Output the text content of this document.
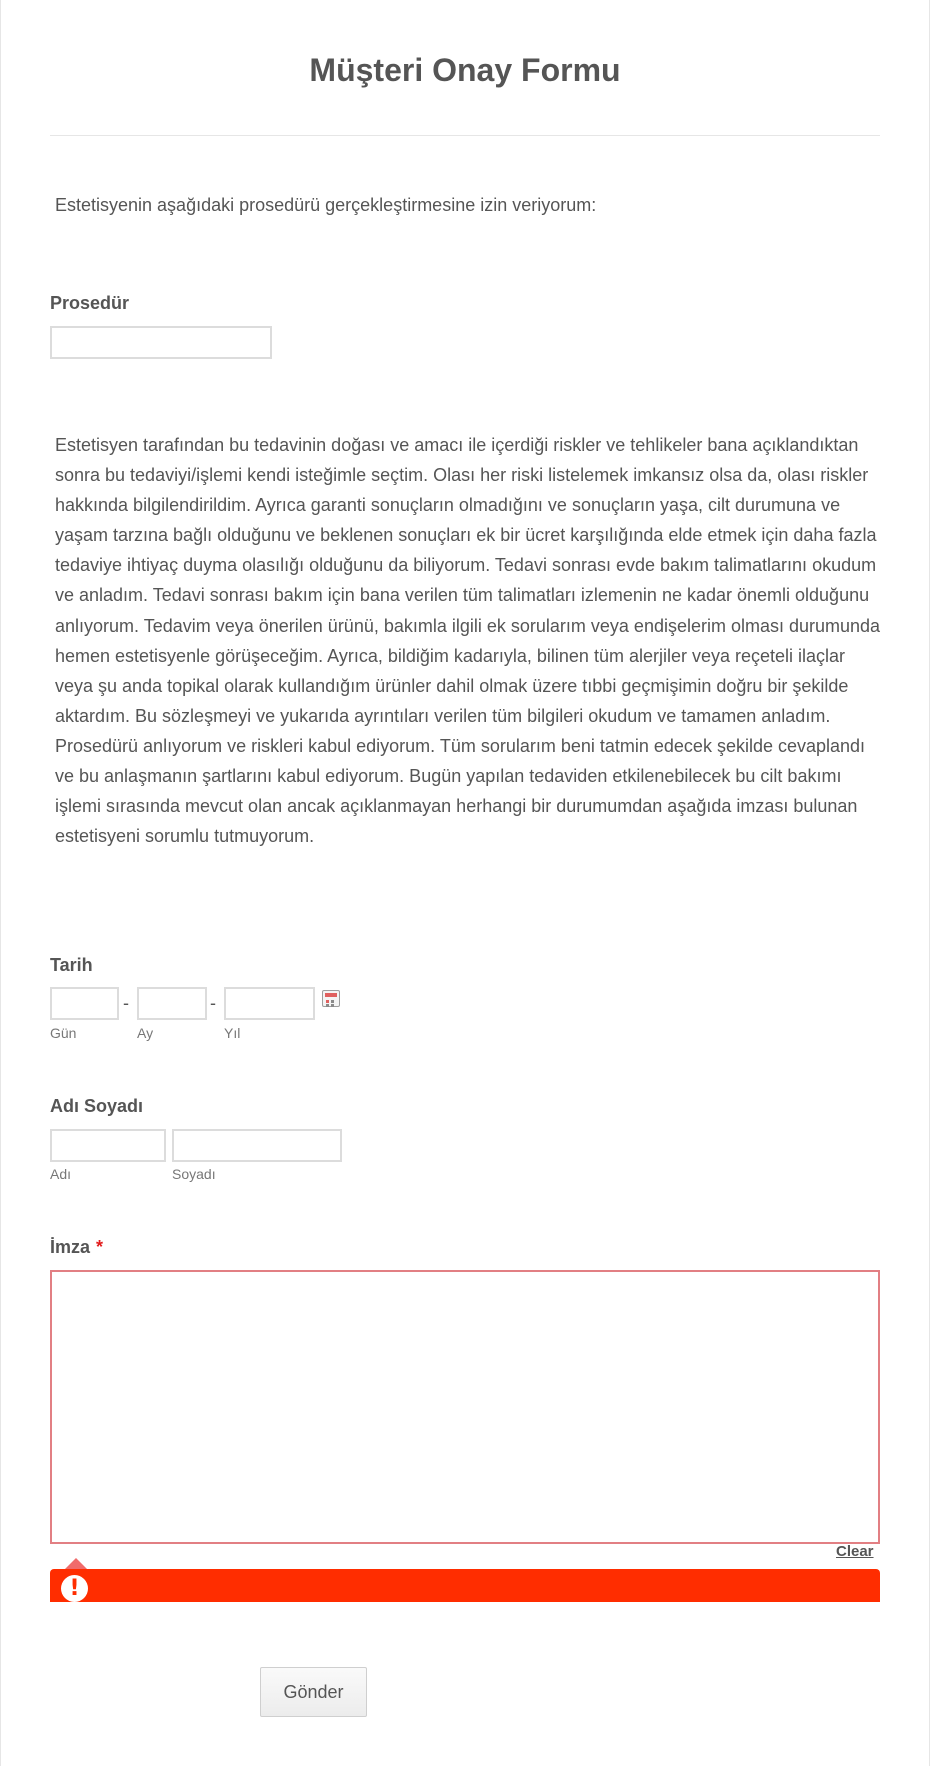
Müşteri Onay Formu
Estetisyenin aşağıdaki prosedürü gerçekleştirmesine izin veriyorum:
Prosedür

Estetisyen tarafından bu tedavinin doğası ve amacı ile içerdiği riskler ve tehlikeler bana açıklandıktan sonra bu tedaviyi/işlemi kendi isteğimle seçtim. Olası her riski listelemek imkansız olsa da, olası riskler hakkında bilgilendirildim. Ayrıca garanti sonuçların olmadığını ve sonuçların yaşa, cilt durumuna ve yaşam tarzına bağlı olduğunu ve beklenen sonuçları ek bir ücret karşılığında elde etmek için daha fazla tedaviye ihtiyaç duyma olasılığı olduğunu da biliyorum. Tedavi sonrası evde bakım talimatlarını okudum ve anladım. Tedavi sonrası bakım için bana verilen tüm talimatları izlemenin ne kadar önemli olduğunu anlıyorum. Tedavim veya önerilen ürünü, bakımla ilgili ek sorularım veya endişelerim olması durumunda hemen estetisyenle görüşeceğim. Ayrıca, bildiğim kadarıyla, bilinen tüm alerjiler veya reçeteli ilaçlar veya şu anda topikal olarak kullandığım ürünler dahil olmak üzere tıbbi geçmişimin doğru bir şekilde aktardım. Bu sözleşmeyi ve yukarıda ayrıntıları verilen tüm bilgileri okudum ve tamamen anladım. Prosedürü anlıyorum ve riskleri kabul ediyorum. Tüm sorularım beni tatmin edecek şekilde cevaplandı ve bu anlaşmanın şartlarını kabul ediyorum. Bugün yapılan tedaviden etkilenebilecek bu cilt bakımı işlemi sırasında mevcut olan ancak açıklanmayan herhangi bir durumumdan aşağıda imzası bulunan estetisyeni sorumlu tutmuyorum.

Tarih
-	-
Gün	Ay	Yıl
Adı Soyadı
Adı	Soyadı
İmza *
Clear
!
Gönder
